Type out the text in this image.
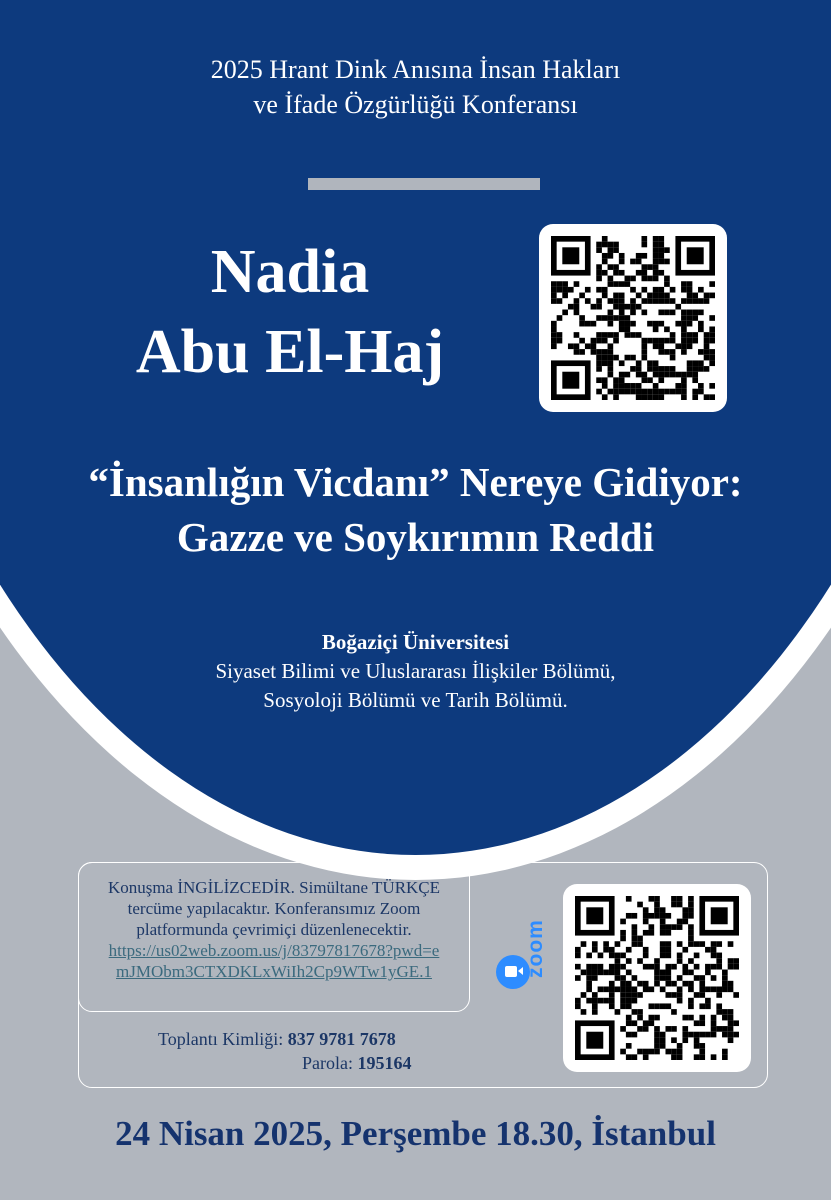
2025 Hrant Dink Anısına İnsan Hakları
ve İfade Özgürlüğü Konferansı
Nadia
Abu El-Haj
“İnsanlığın Vicdanı” Nereye Gidiyor:
Gazze ve Soykırımın Reddi
Boğaziçi Üniversitesi
Siyaset Bilimi ve Uluslararası İlişkiler Bölümü,
Sosyoloji Bölümü ve Tarih Bölümü.
Konuşma İNGİLİZCEDİR. Simültane TÜRKÇE
tercüme yapılacaktır. Konferansımız Zoom
platformunda çevrimiçi düzenlenecektir.
https://us02web.zoom.us/j/83797817678?pwd=e
mJMObm3CTXDKLxWiIh2Cp9WTw1yGE.1
Toplantı Kimliği: 837 9781 7678
Parola: 195164
zoom
24 Nisan 2025, Perşembe 18.30, İstanbul
